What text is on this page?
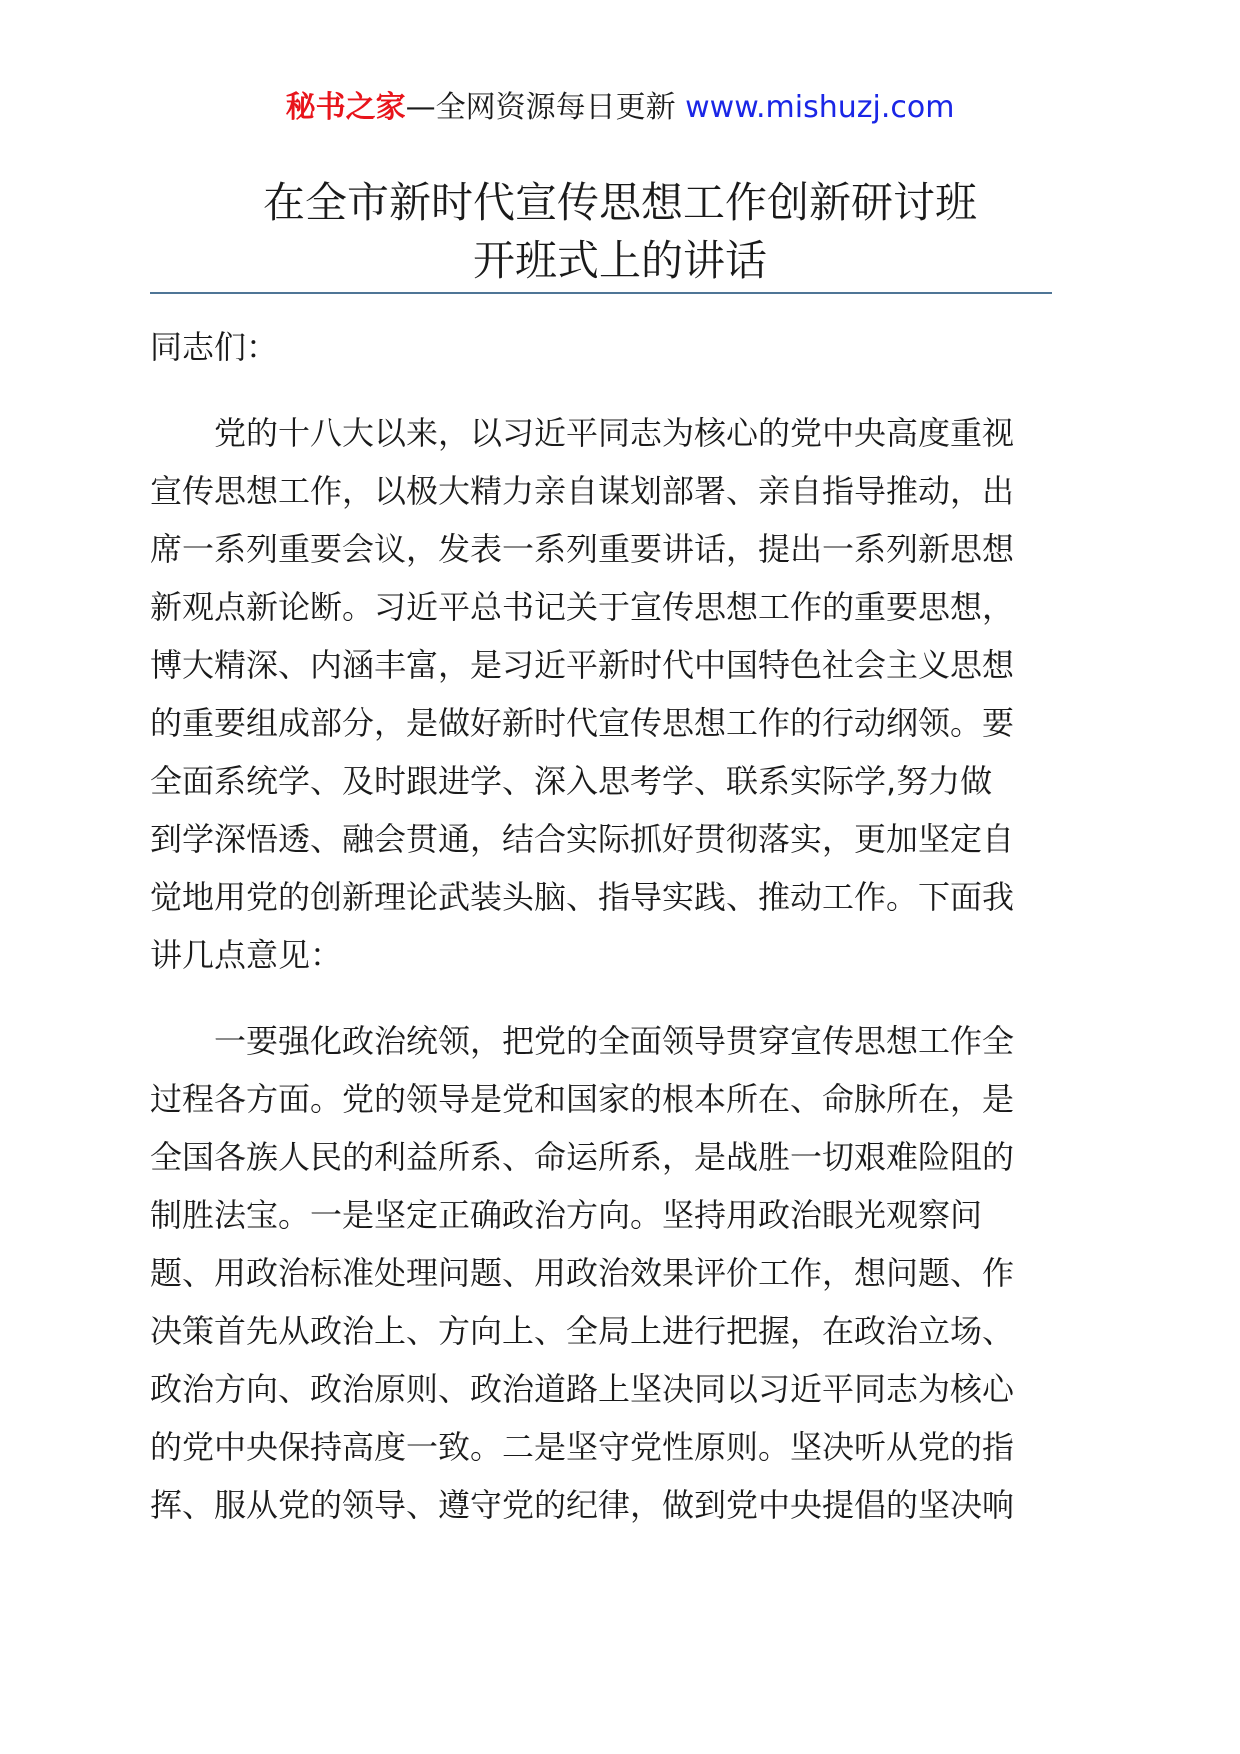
秘书之家—全网资源每日更新 www.mishuzj.com
在全市新时代宣传思想工作创新研讨班
开班式上的讲话
同志们：
党的十八大以来，以习近平同志为核心的党中央高度重视
宣传思想工作，以极大精力亲自谋划部署、亲自指导推动，出
席一系列重要会议，发表一系列重要讲话，提出一系列新思想
新观点新论断。习近平总书记关于宣传思想工作的重要思想，
博大精深、内涵丰富，是习近平新时代中国特色社会主义思想
的重要组成部分，是做好新时代宣传思想工作的行动纲领。要
全面系统学、及时跟进学、深入思考学、联系实际学,努力做
到学深悟透、融会贯通，结合实际抓好贯彻落实，更加坚定自
觉地用党的创新理论武装头脑、指导实践、推动工作。下面我
讲几点意见：
一要强化政治统领，把党的全面领导贯穿宣传思想工作全
过程各方面。党的领导是党和国家的根本所在、命脉所在，是
全国各族人民的利益所系、命运所系，是战胜一切艰难险阻的
制胜法宝。一是坚定正确政治方向。坚持用政治眼光观察问
题、用政治标准处理问题、用政治效果评价工作，想问题、作
决策首先从政治上、方向上、全局上进行把握，在政治立场、
政治方向、政治原则、政治道路上坚决同以习近平同志为核心
的党中央保持高度一致。二是坚守党性原则。坚决听从党的指
挥、服从党的领导、遵守党的纪律，做到党中央提倡的坚决响
